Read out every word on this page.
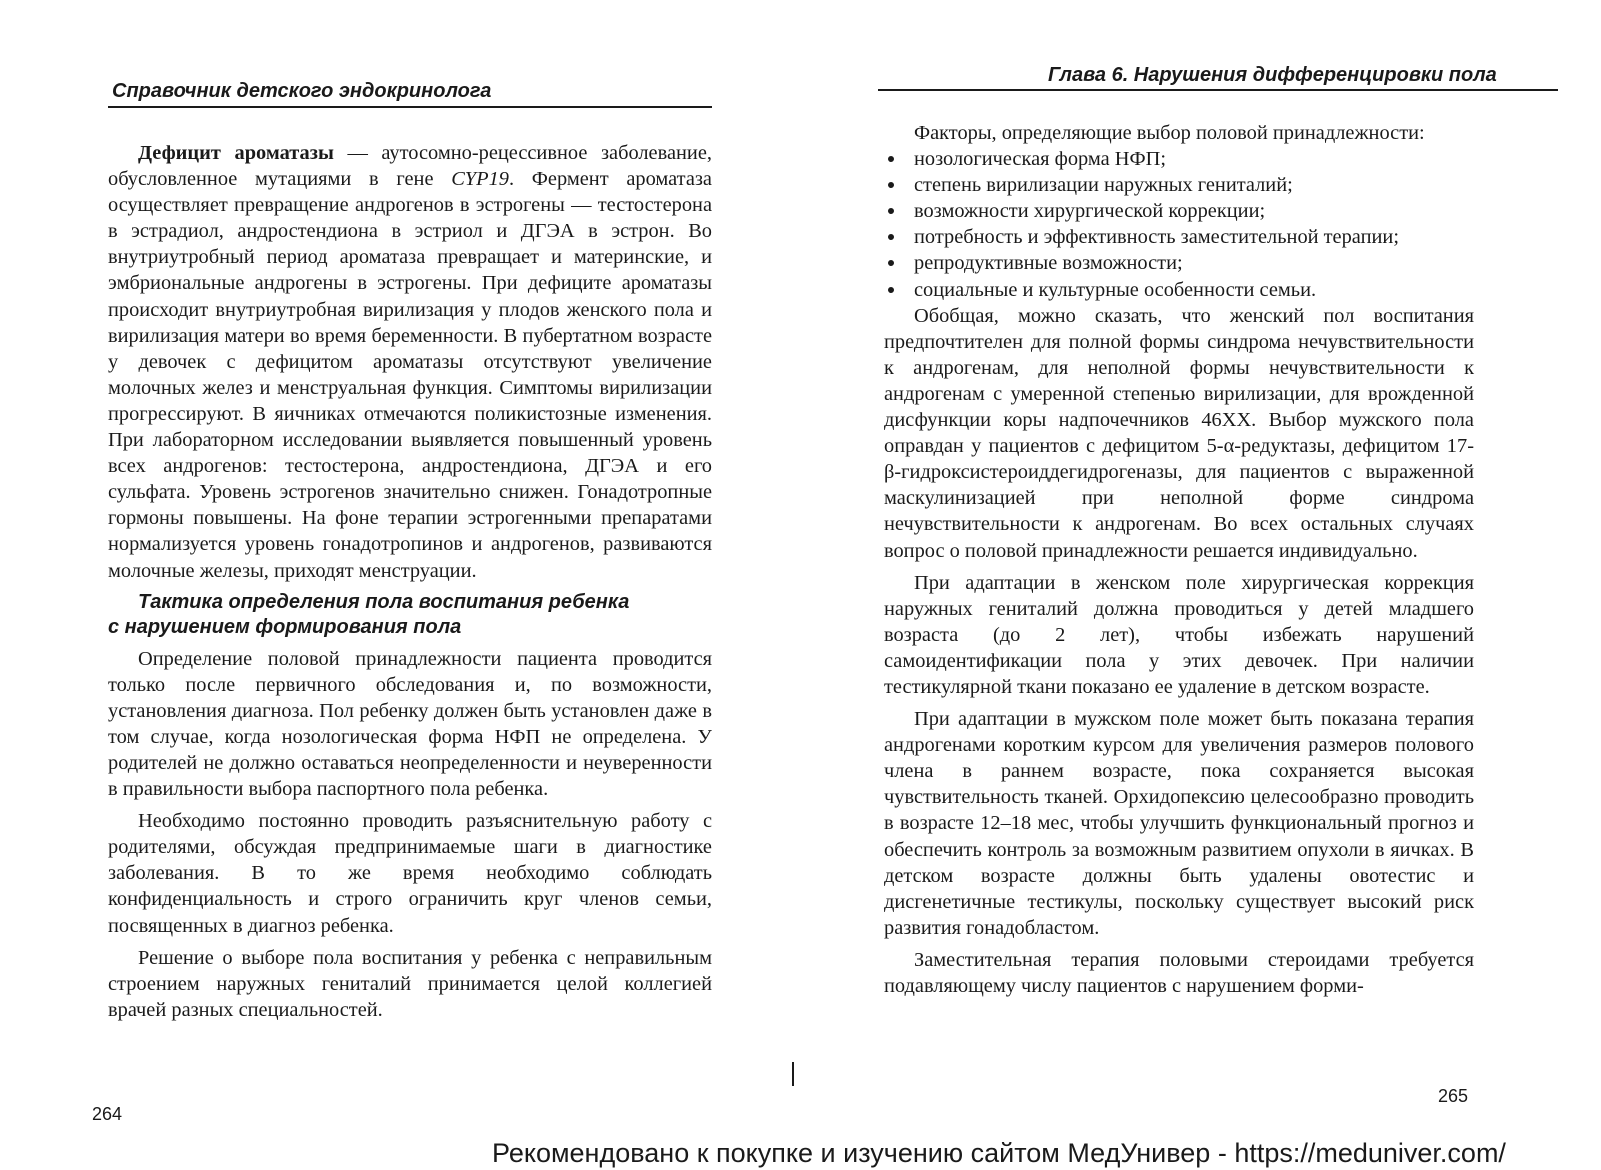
Справочник детского эндокринолога

Дефицит ароматазы — аутосомно-рецессивное заболевание, обусловленное мутациями в гене CYP19. Фермент ароматаза осуществляет превращение андрогенов в эстрогены — тестостерона в эстрадиол, андростендиона в эстриол и ДГЭА в эстрон. Во внутриутробный период ароматаза превращает и материнские, и эмбриональные андрогены в эстрогены. При дефиците ароматазы происходит внутриутробная вирилизация у плодов женского пола и вирилизация матери во время беременности. В пубертатном возрасте у девочек с дефицитом ароматазы отсутствуют увеличение молочных желез и менструальная функция. Симптомы вирилизации прогрессируют. В яичниках отмечаются поликистозные изменения. При лабораторном исследовании выявляется повышенный уровень всех андрогенов: тестостерона, андростендиона, ДГЭА и его сульфата. Уровень эстрогенов значительно снижен. Гонадотропные гормоны повышены. На фоне терапии эстрогенными препаратами нормализуется уровень гонадотропинов и андрогенов, развиваются молочные железы, приходят менструации.

Тактика определения пола воспитания ребенка
с нарушением формирования пола

Определение половой принадлежности пациента проводится только после первичного обследования и, по возможности, установления диагноза. Пол ребенку должен быть установлен даже в том случае, когда нозологическая форма НФП не определена. У родителей не должно оставаться неопределенности и неуверенности в правильности выбора паспортного пола ребенка.

Необходимо постоянно проводить разъяснительную работу с родителями, обсуждая предпринимаемые шаги в диагностике заболевания. В то же время необходимо соблюдать конфиденциальность и строго ограничить круг членов семьи, посвященных в диагноз ребенка.

Решение о выборе пола воспитания у ребенка с неправильным строением наружных гениталий принимается целой коллегией врачей разных специальностей.

264
Глава 6. Нарушения дифференцировки пола

Факторы, определяющие выбор половой принадлежности:

нозологическая форма НФП;
степень вирилизации наружных гениталий;
возможности хирургической коррекции;
потребность и эффективность заместительной терапии;
репродуктивные возможности;
социальные и культурные особенности семьи.

Обобщая, можно сказать, что женский пол воспитания предпочтителен для полной формы синдрома нечувствительности к андрогенам, для неполной формы нечувствительности к андрогенам с умеренной степенью вирилизации, для врожденной дисфункции коры надпочечников 46XX. Выбор мужского пола оправдан у пациентов с дефицитом 5-α-редуктазы, дефицитом 17-β-гидроксистероиддегидрогеназы, для пациентов с выраженной маскулинизацией при неполной форме синдрома нечувствительности к андрогенам. Во всех остальных случаях вопрос о половой принадлежности решается индивидуально.

При адаптации в женском поле хирургическая коррекция наружных гениталий должна проводиться у детей младшего возраста (до 2 лет), чтобы избежать нарушений самоидентификации пола у этих девочек. При наличии тестикулярной ткани показано ее удаление в детском возрасте.

При адаптации в мужском поле может быть показана терапия андрогенами коротким курсом для увеличения размеров полового члена в раннем возрасте, пока сохраняется высокая чувствительность тканей. Орхидопексию целесообразно проводить в возрасте 12–18 мес, чтобы улучшить функциональный прогноз и обеспечить контроль за возможным развитием опухоли в яичках. В детском возрасте должны быть удалены овотестис и дисгенетичные тестикулы, поскольку существует высокий риск развития гонадобластом.

Заместительная терапия половыми стероидами требуется подавляющему числу пациентов с нарушением форми-

265
Рекомендовано к покупке и изучению сайтом МедУнивер - https://meduniver.com/
